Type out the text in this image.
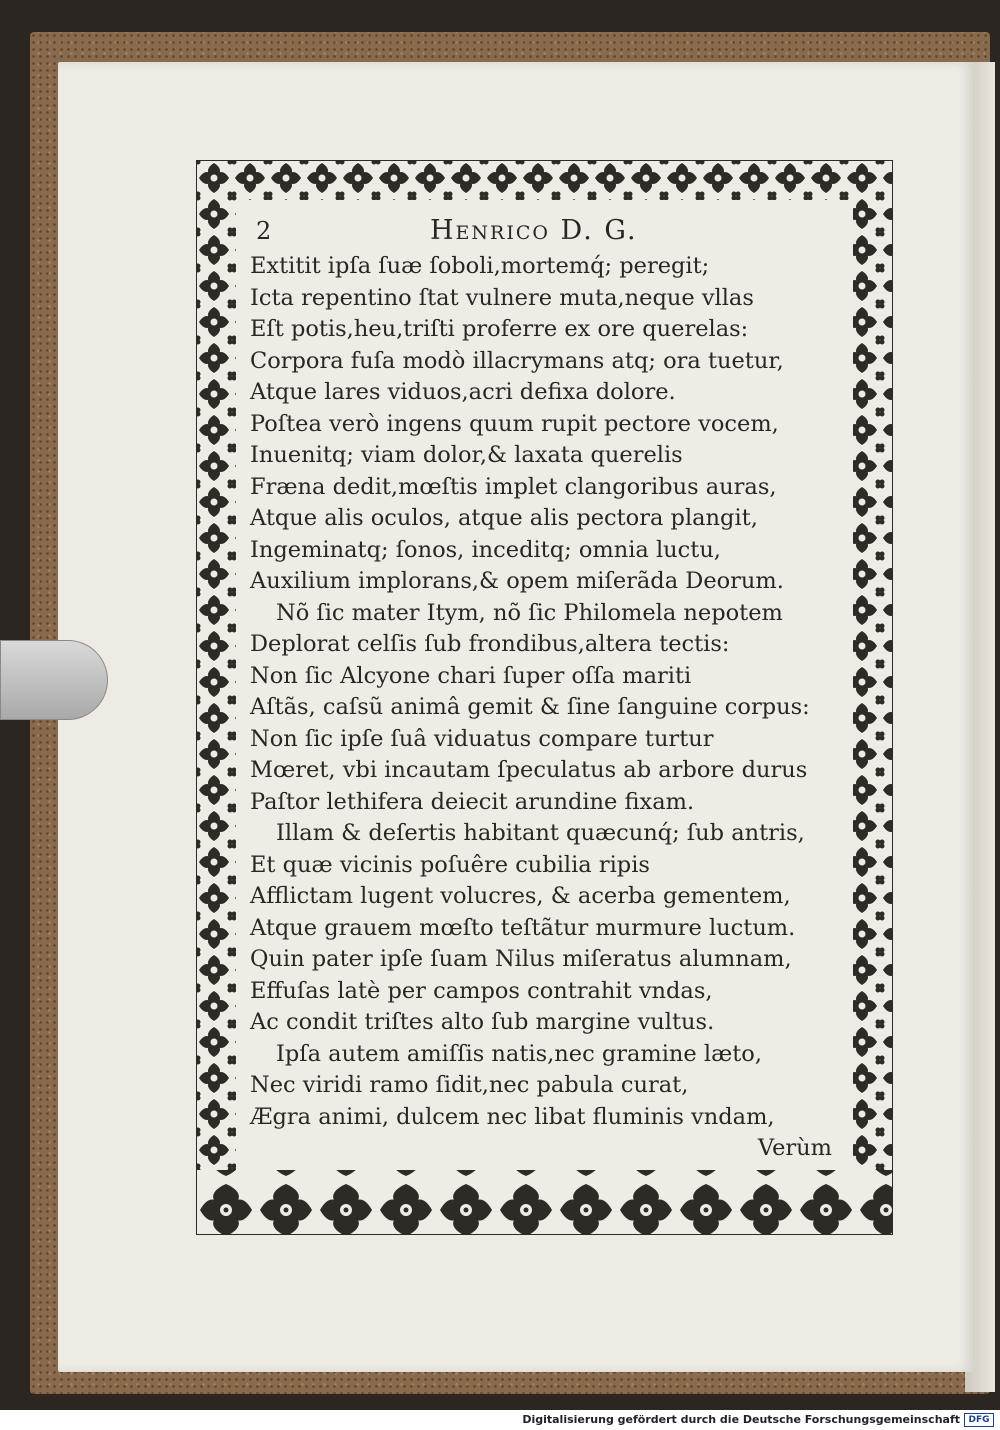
2	Henrico D. G.
Extitit ipſa ſuæ ſoboli,mortemq́; peregit;
Icta repentino ſtat vulnere muta,neque vllas
Eſt potis,heu,triſti proferre ex ore querelas:
Corpora fuſa modò illacrymans atq; ora tuetur,
Atque lares viduos,acri defixa dolore.
Poſtea verò ingens quum rupit pectore vocem,
Inuenitq; viam dolor,& laxata querelis
Fræna dedit,mœſtis implet clangoribus auras,
Atque alis oculos, atque alis pectora plangit,
Ingeminatq; ſonos, inceditq; omnia luctu,
Auxilium implorans,& opem miſerãda Deorum.
Nõ ſic mater Itym, nõ ſic Philomela nepotem
Deplorat celſis ſub frondibus,altera tectis:
Non ſic Alcyone chari ſuper oſſa mariti
Aſtãs, caſsũ animâ gemit & ſine ſanguine corpus:
Non ſic ipſe ſuâ viduatus compare turtur
Mœret, vbi incautam ſpeculatus ab arbore durus
Paſtor lethifera deiecit arundine fixam.
Illam & deſertis habitant quæcunq́; ſub antris,
Et quæ vicinis poſuêre cubilia ripis
Afflictam lugent volucres, & acerba gementem,
Atque grauem mœſto teſtãtur murmure luctum.
Quin pater ipſe ſuam Nilus miſeratus alumnam,
Effuſas latè per campos contrahit vndas,
Ac condit triſtes alto ſub margine vultus.
Ipſa autem amiſſis natis,nec gramine læto,
Nec viridi ramo ſidit,nec pabula curat,
Ægra animi, dulcem nec libat fluminis vndam,
Verùm
Digitalisierung gefördert durch die Deutsche Forschungsgemeinschaft DFG
